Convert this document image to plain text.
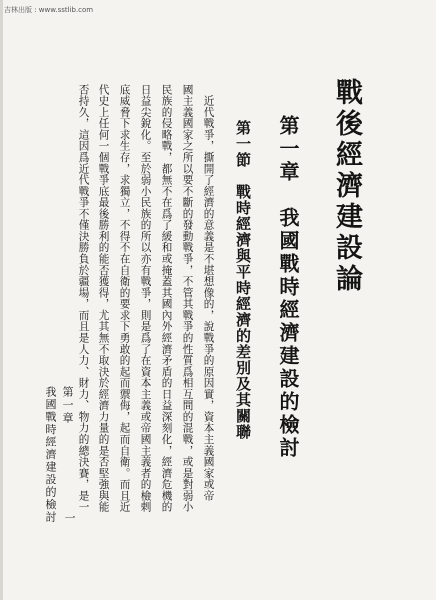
吉林出版 : www.sstlib.com
戰後經濟建設論
第一章　我國戰時經濟建設的檢討
第一節　戰時經濟與平時經濟的差別及其關聯
　近代戰爭，撕開了經濟的意義是不堪想像的，說戰爭的原因實，資本主義國家或帝
國主義國家之所以要不斷的發動戰爭，不管其戰爭的性質爲相互間的混戰，或是對弱小
民族的侵略戰，都無不在爲了緩和或掩蓋其國內外經濟矛盾的日益深刻化，經濟危機的
日益尖銳化。至於弱小民族的所以亦有戰爭，則是爲了在資本主義或帝國主義者的檢剌
底威脅下求生存，求獨立，不得不在自衛的要求下勇敢的起而禦侮，起而自衛。而且近
代史上任何一個戰爭底最後勝利的能否獲得，尤其無不取決於經濟力量的是否堅強與能
否持久，這因爲近代戰爭不僅決勝負於疆場，而且是人力、財力、物力的總決賽，是一
第一章
我國戰時經濟建設的檢討 一
